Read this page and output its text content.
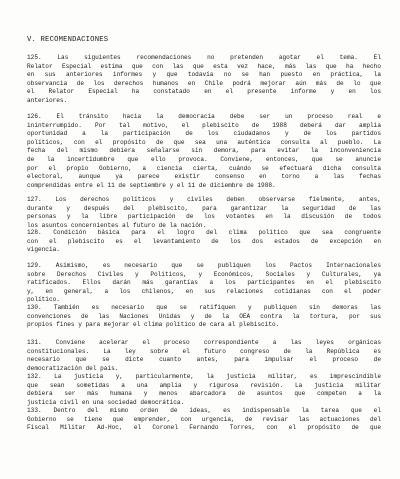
V. RECOMENDACIONES
125. Las siguientes recomendaciones no pretenden agotar el tema. El
Relator Especial estima que con las que esta vez hace, más las que ha hecho
en sus anteriores informes y que todavía no se han puesto en práctica, la
observancia de los derechos humanos en Chile podrá mejorar aún más de lo que
el Relator Especial ha constatado en el presente informe y en los
anteriores.
126. El tránsito hacia la democracia debe ser un proceso real e
ininterrumpido. Por tal motivo, el plebiscito de 1988 deberá dar amplia
oportunidad a la participación de los ciudadanos y de los partidos
políticos, con el propósito de que sea una auténtica consulta al pueblo. La
fecha del mismo debiera señalarse sin demora, para evitar la inconveniencia
de la incertidumbre que ello provoca. Conviene, entonces, que se anuncie
por el propio Gobierno, a ciencia cierta, cuándo se efectuará dicha consulta
electoral, aunque ya parece existir consenso en torno a las fechas
comprendidas entre el 11 de septiembre y el 11 de diciembre de 1988.
127. Los derechos políticos y civiles deben observarse fielmente, antes,
durante y después del plebiscito, para garantizar la seguridad de las
personas y la libre participación de los votantes en la discusión de todos
los asuntos concernientes al futuro de la nación.
128. Condición básica para el logro del clima político que sea congruente
con el plebiscito es el levantamiento de los dos estados de excepción en
vigencia.
129. Asimismo, es necesario que se publiquen los Pactos Internacionales
sobre Derechos Civiles y Políticos, y Económicos, Sociales y Culturales, ya
ratificados. Ellos darán más garantías a los participantes en el plebiscito
y, en general, a los chilenos, en sus relaciones cotidianas con el poder
político.
130. También es necesario que se ratifiquen y publiquen sin demoras las
convenciones de las Naciones Unidas y de la OEA contra la tortura, por sus
propios fines y para mejorar el clima político de cara al plebiscito.
131. Conviene acelerar el proceso correspondiente a las leyes orgánicas
constitucionales. La ley sobre el futuro congreso de la República es
necesario que se dicte cuanto antes, para impulsar el proceso de
democratización del país.
132. La justicia y, particularmente, la justicia militar, es imprescindible
que sean sometidas a una amplia y rigurosa revisión. La justicia militar
debiera ser más humana y menos abarcadora de asuntos que competen a la
justicia civil en una sociedad democrática.
133. Dentro del mismo orden de ideas, es indispensable la tarea que el
Gobierno se tiene que emprender, con urgencia, de revisar las actuaciones del
Fiscal Militar Ad-Hoc, el Coronel Fernando Torres, con el propósito de que
